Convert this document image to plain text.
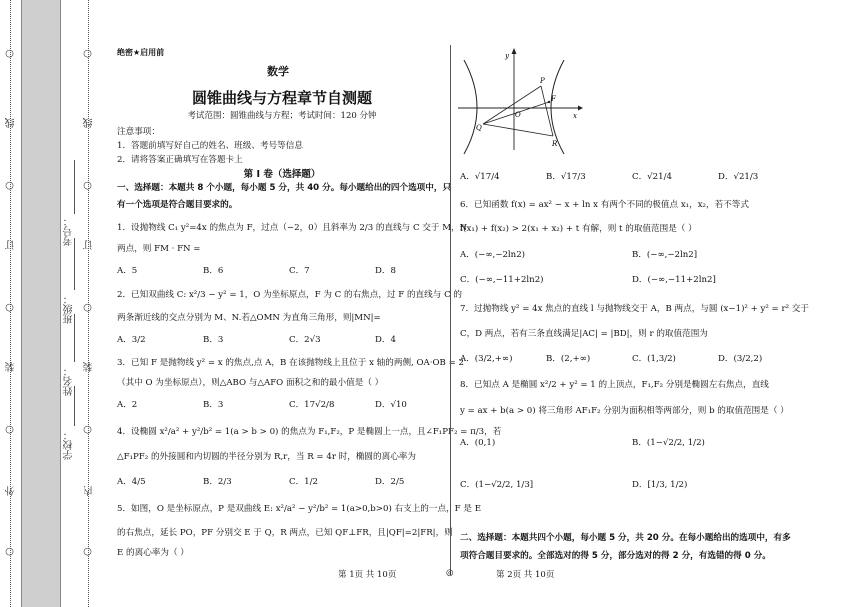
○
线
○
订
○
装
○
外
○
○
线
○
订
○
装
○
内
○
考号：
班级：
姓名：
学校：
绝密★启用前
数学
圆锥曲线与方程章节自测题
考试范围：圆锥曲线与方程；考试时间：120 分钟
注意事项：
1．答题前填写好自己的姓名、班级、考号等信息
2．请将答案正确填写在答题卡上
第 I 卷（选择题）
一、选择题：本题共 8 个小题，每小题 5 分，共 40 分。每小题给出的四个选项中，只
有一个选项是符合题目要求的。
1．设抛物线 C₁ y²=4x 的焦点为 F，过点（−2，0）且斜率为 2/3 的直线与 C 交于 M，N
两点，则 FM · FN =
A．5	B．6	C．7	D．8
2．已知双曲线 C: x²/3 − y² = 1，O 为坐标原点，F 为 C 的右焦点，过 F 的直线与 C 的
两条渐近线的交点分别为 M、N.若△OMN 为直角三角形，则|MN|=
A．3/2	B．3	C．2√3	D．4
3．已知 F 是抛物线 y² = x 的焦点,点 A，B 在该抛物线上且位于 x 轴的两侧, OA·OB = 2
（其中 O 为坐标原点），则△ABO 与△AFO 面积之和的最小值是（ ）
A．2	B．3	C．17√2/8	D．√10
4．设椭圆 x²/a² + y²/b² = 1(a > b > 0) 的焦点为 F₁,F₂，P 是椭圆上一点，且∠F₁PF₂ = π/3，若
△F₁PF₂ 的外接圆和内切圆的半径分别为 R,r，当 R = 4r 时，椭圆的离心率为
A．4/5	B．2/3	C．1/2	D．2/5
5．如图，O 是坐标原点，P 是双曲线 E: x²/a² − y²/b² = 1(a>0,b>0) 右支上的一点，F 是 E
的右焦点，延长 PO，PF 分别交 E 于 Q，R 两点，已知 QF⊥FR，且|QF|=2|FR|，则
E 的离心率为（ ）
y
x
O
P
F
Q
R
A．√17/4	B．√17/3	C．√21/4	D．√21/3
6．已知函数 f(x) = ax² − x + ln x 有两个不同的极值点 x₁，x₂，若不等式
f(x₁) + f(x₂) > 2(x₁ + x₂) + t 有解，则 t 的取值范围是（ ）
A．(−∞,−2ln2)	B．(−∞,−2ln2]
C．(−∞,−11+2ln2)	D．(−∞,−11+2ln2]
7．过抛物线 y² = 4x 焦点的直线 l 与抛物线交于 A，B 两点，与圆 (x−1)² + y² = r² 交于
C，D 两点，若有三条直线满足|AC| = |BD|，则 r 的取值范围为
A．(3/2,+∞)	B．(2,+∞)	C．(1,3/2)	D．(3/2,2)
8．已知点 A 是椭圆 x²/2 + y² = 1 的上顶点，F₁,F₂ 分别是椭圆左右焦点，直线
y = ax + b(a > 0) 将三角形 AF₁F₂ 分别为面积相等两部分，则 b 的取值范围是（ ）
A．(0,1)	B．(1−√2/2, 1/2)
C．(1−√2/2, 1/3]	D．[1/3, 1/2)
二、选择题：本题共四个小题，每小题 5 分，共 20 分。在每小题给出的选项中，有多
项符合题目要求的。全部选对的得 5 分，部分选对的得 2 分，有选错的得 0 分。
第 1页 共 10页	◎	第 2页 共 10页
